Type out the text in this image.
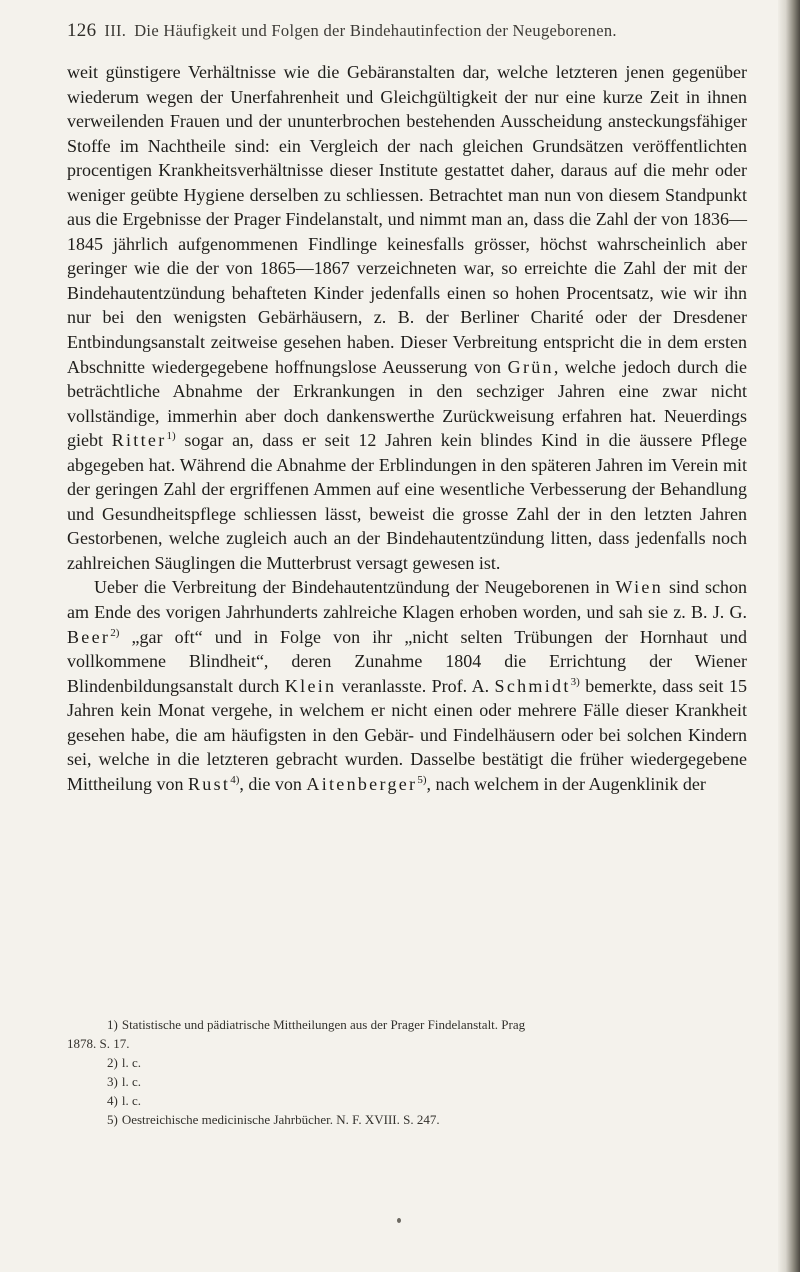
126 III. Die Häufigkeit und Folgen der Bindehautinfection der Neugeborenen.

weit günstigere Verhältnisse wie die Gebäranstalten dar, welche letzteren jenen gegenüber wiederum wegen der Unerfahrenheit und Gleichgültigkeit der nur eine kurze Zeit in ihnen verweilenden Frauen und der ununterbrochen bestehenden Ausscheidung ansteckungsfähiger Stoffe im Nachtheile sind: ein Vergleich der nach gleichen Grundsätzen veröffentlichten procentigen Krankheitsverhältnisse dieser Institute gestattet daher, daraus auf die mehr oder weniger geübte Hygiene derselben zu schliessen. Betrachtet man nun von diesem Standpunkt aus die Ergebnisse der Prager Findelanstalt, und nimmt man an, dass die Zahl der von 1836—1845 jährlich aufgenommenen Findlinge keinesfalls grösser, höchst wahrscheinlich aber geringer wie die der von 1865—1867 verzeichneten war, so erreichte die Zahl der mit der Bindehautentzündung behafteten Kinder jedenfalls einen so hohen Procentsatz, wie wir ihn nur bei den wenigsten Gebärhäusern, z. B. der Berliner Charité oder der Dresdener Entbindungsanstalt zeitweise gesehen haben. Dieser Verbreitung entspricht die in dem ersten Abschnitte wiedergegebene hoffnungslose Aeusserung von Grün, welche jedoch durch die beträchtliche Abnahme der Erkrankungen in den sechziger Jahren eine zwar nicht vollständige, immerhin aber doch dankenswerthe Zurückweisung erfahren hat. Neuerdings giebt Ritter$^{1)}$ sogar an, dass er seit 12 Jahren kein blindes Kind in die äussere Pflege abgegeben hat. Während die Abnahme der Erblindungen in den späteren Jahren im Verein mit der geringen Zahl der ergriffenen Ammen auf eine wesentliche Verbesserung der Behandlung und Gesundheitspflege schliessen lässt, beweist die grosse Zahl der in den letzten Jahren Gestorbenen, welche zugleich auch an der Bindehautentzündung litten, dass jedenfalls noch zahlreichen Säuglingen die Mutterbrust versagt gewesen ist.

Ueber die Verbreitung der Bindehautentzündung der Neugeborenen in Wien sind schon am Ende des vorigen Jahrhunderts zahlreiche Klagen erhoben worden, und sah sie z. B. J. G. Beer$^{2)}$ „gar oft“ und in Folge von ihr „nicht selten Trübungen der Hornhaut und vollkommene Blindheit“, deren Zunahme 1804 die Errichtung der Wiener Blindenbildungsanstalt durch Klein veranlasste. Prof. A. Schmidt$^{3)}$ bemerkte, dass seit 15 Jahren kein Monat vergehe, in welchem er nicht einen oder mehrere Fälle dieser Krankheit gesehen habe, die am häufigsten in den Gebär- und Findelhäusern oder bei solchen Kindern sei, welche in die letzteren gebracht wurden. Dasselbe bestätigt die früher wiedergegebene Mittheilung von Rust$^{4)}$, die von Aitenberger$^{5)}$, nach welchem in der Augenklinik der

1) Statistische und pädiatrische Mittheilungen aus der Prager Findelanstalt. Prag

1878. S. 17.

2) l. c.

3) l. c.

4) l. c.

5) Oestreichische medicinische Jahrbücher. N. F. XVIII. S. 247.
